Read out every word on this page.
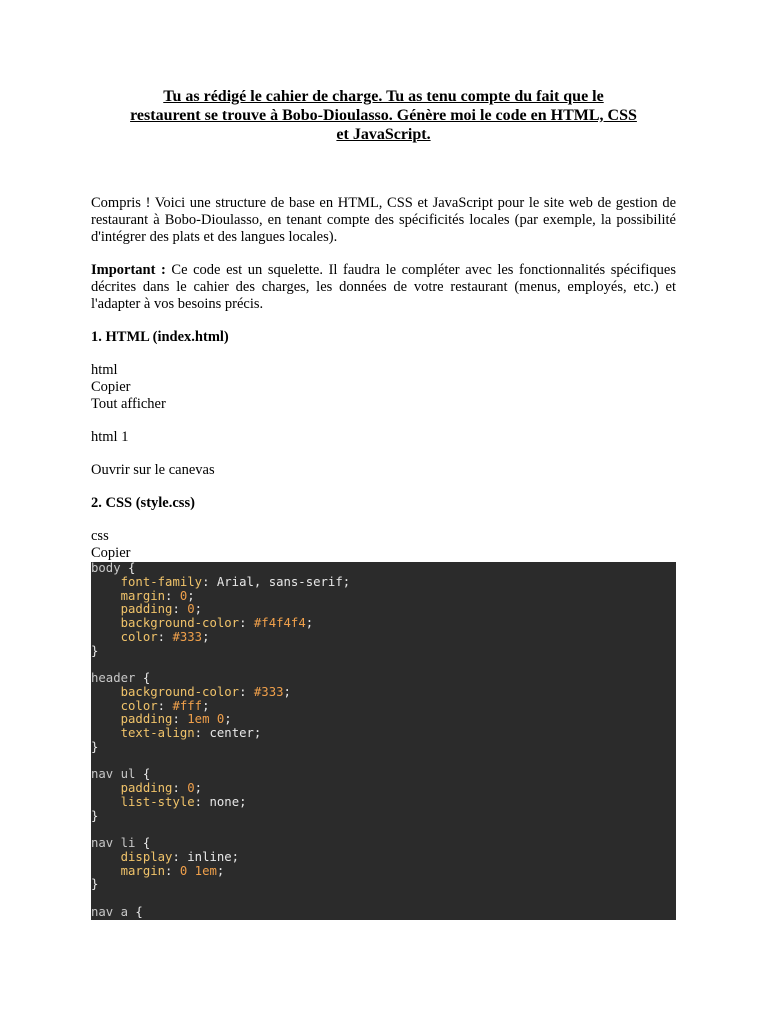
Tu as rédigé le cahier de charge. Tu as tenu compte du fait que le
restaurent se trouve à Bobo-Dioulasso. Génère moi le code en HTML, CSS
et JavaScript.

Compris ! Voici une structure de base en HTML, CSS et JavaScript pour le site web de gestion de restaurant à Bobo-Dioulasso, en tenant compte des spécificités locales (par exemple, la possibilité d'intégrer des plats et des langues locales).

Important : Ce code est un squelette. Il faudra le compléter avec les fonctionnalités spécifiques décrites dans le cahier des charges, les données de votre restaurant (menus, employés, etc.) et l'adapter à vos besoins précis.

1. HTML (index.html)

html

Copier

Tout afficher

html 1

Ouvrir sur le canevas

2. CSS (style.css)

css

Copier

body {
font-family: Arial, sans-serif;
margin: 0;
padding: 0;
background-color: #f4f4f4;
color: #333;
}
header {
background-color: #333;
color: #fff;
padding: 1em 0;
text-align: center;
}
nav ul {
padding: 0;
list-style: none;
}
nav li {
display: inline;
margin: 0 1em;
}
nav a {
